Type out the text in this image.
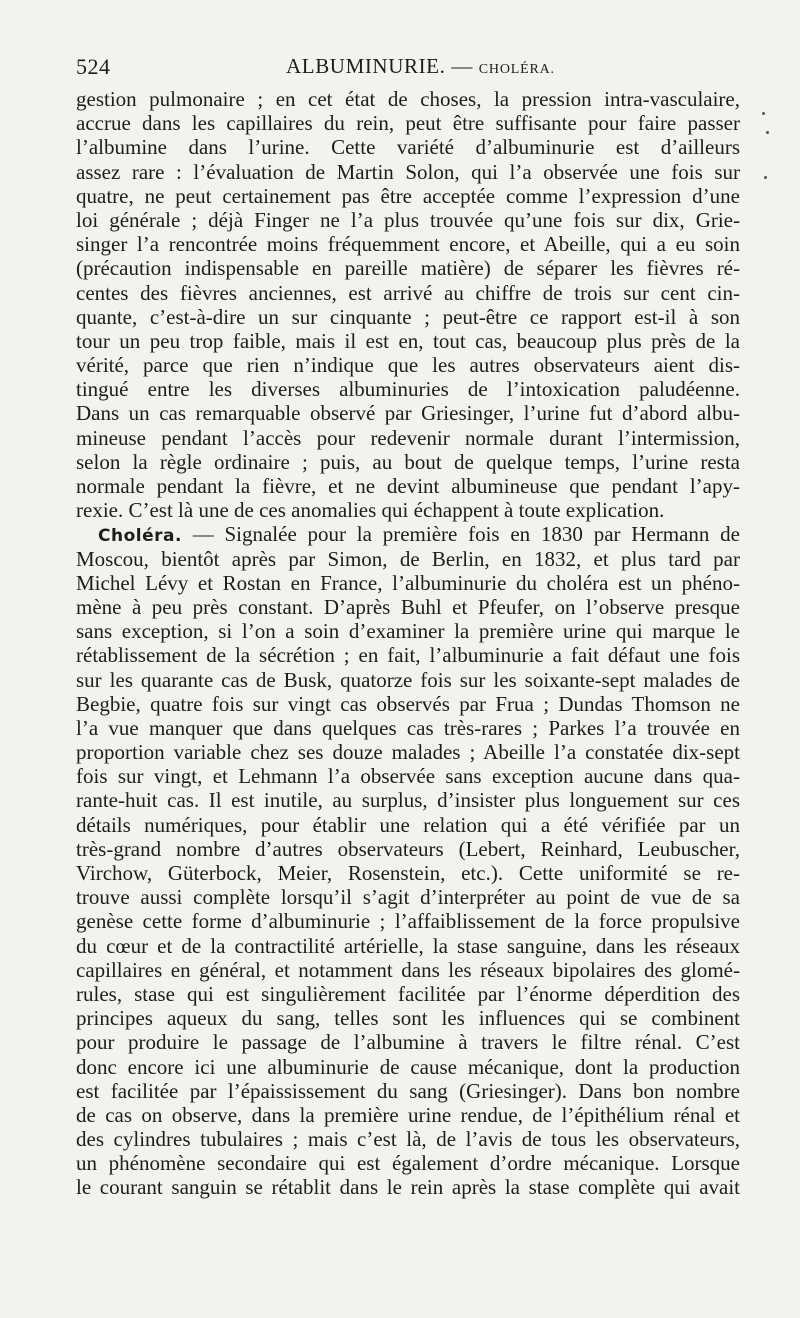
524	ALBUMINURIE. — CHOLÉRA.
gestion pulmonaire ; en cet état de choses, la pression intra-vasculaire,
accrue dans les capillaires du rein, peut être suffisante pour faire passer
l’albumine dans l’urine. Cette variété d’albuminurie est d’ailleurs
assez rare : l’évaluation de Martin Solon, qui l’a observée une fois sur
quatre, ne peut certainement pas être acceptée comme l’expression d’une
loi générale ; déjà Finger ne l’a plus trouvée qu’une fois sur dix, Grie-
singer l’a rencontrée moins fréquemment encore, et Abeille, qui a eu soin
(précaution indispensable en pareille matière) de séparer les fièvres ré-
centes des fièvres anciennes, est arrivé au chiffre de trois sur cent cin-
quante, c’est-à-dire un sur cinquante ; peut-être ce rapport est-il à son
tour un peu trop faible, mais il est en, tout cas, beaucoup plus près de la
vérité, parce que rien n’indique que les autres observateurs aient dis-
tingué entre les diverses albuminuries de l’intoxication paludéenne.
Dans un cas remarquable observé par Griesinger, l’urine fut d’abord albu-
mineuse pendant l’accès pour redevenir normale durant l’intermission,
selon la règle ordinaire ; puis, au bout de quelque temps, l’urine resta
normale pendant la fièvre, et ne devint albumineuse que pendant l’apy-
rexie. C’est là une de ces anomalies qui échappent à toute explication.
Choléra. — Signalée pour la première fois en 1830 par Hermann de
Moscou, bientôt après par Simon, de Berlin, en 1832, et plus tard par
Michel Lévy et Rostan en France, l’albuminurie du choléra est un phéno-
mène à peu près constant. D’après Buhl et Pfeufer, on l’observe presque
sans exception, si l’on a soin d’examiner la première urine qui marque le
rétablissement de la sécrétion ; en fait, l’albuminurie a fait défaut une fois
sur les quarante cas de Busk, quatorze fois sur les soixante-sept malades de
Begbie, quatre fois sur vingt cas observés par Frua ; Dundas Thomson ne
l’a vue manquer que dans quelques cas très-rares ; Parkes l’a trouvée en
proportion variable chez ses douze malades ; Abeille l’a constatée dix-sept
fois sur vingt, et Lehmann l’a observée sans exception aucune dans qua-
rante-huit cas. Il est inutile, au surplus, d’insister plus longuement sur ces
détails numériques, pour établir une relation qui a été vérifiée par un
très-grand nombre d’autres observateurs (Lebert, Reinhard, Leubuscher,
Virchow, Güterbock, Meier, Rosenstein, etc.). Cette uniformité se re-
trouve aussi complète lorsqu’il s’agit d’interpréter au point de vue de sa
genèse cette forme d’albuminurie ; l’affaiblissement de la force propulsive
du cœur et de la contractilité artérielle, la stase sanguine, dans les réseaux
capillaires en général, et notamment dans les réseaux bipolaires des glomé-
rules, stase qui est singulièrement facilitée par l’énorme déperdition des
principes aqueux du sang, telles sont les influences qui se combinent
pour produire le passage de l’albumine à travers le filtre rénal. C’est
donc encore ici une albuminurie de cause mécanique, dont la production
est facilitée par l’épaississement du sang (Griesinger). Dans bon nombre
de cas on observe, dans la première urine rendue, de l’épithélium rénal et
des cylindres tubulaires ; mais c’est là, de l’avis de tous les observateurs,
un phénomène secondaire qui est également d’ordre mécanique. Lorsque
le courant sanguin se rétablit dans le rein après la stase complète qui avait
